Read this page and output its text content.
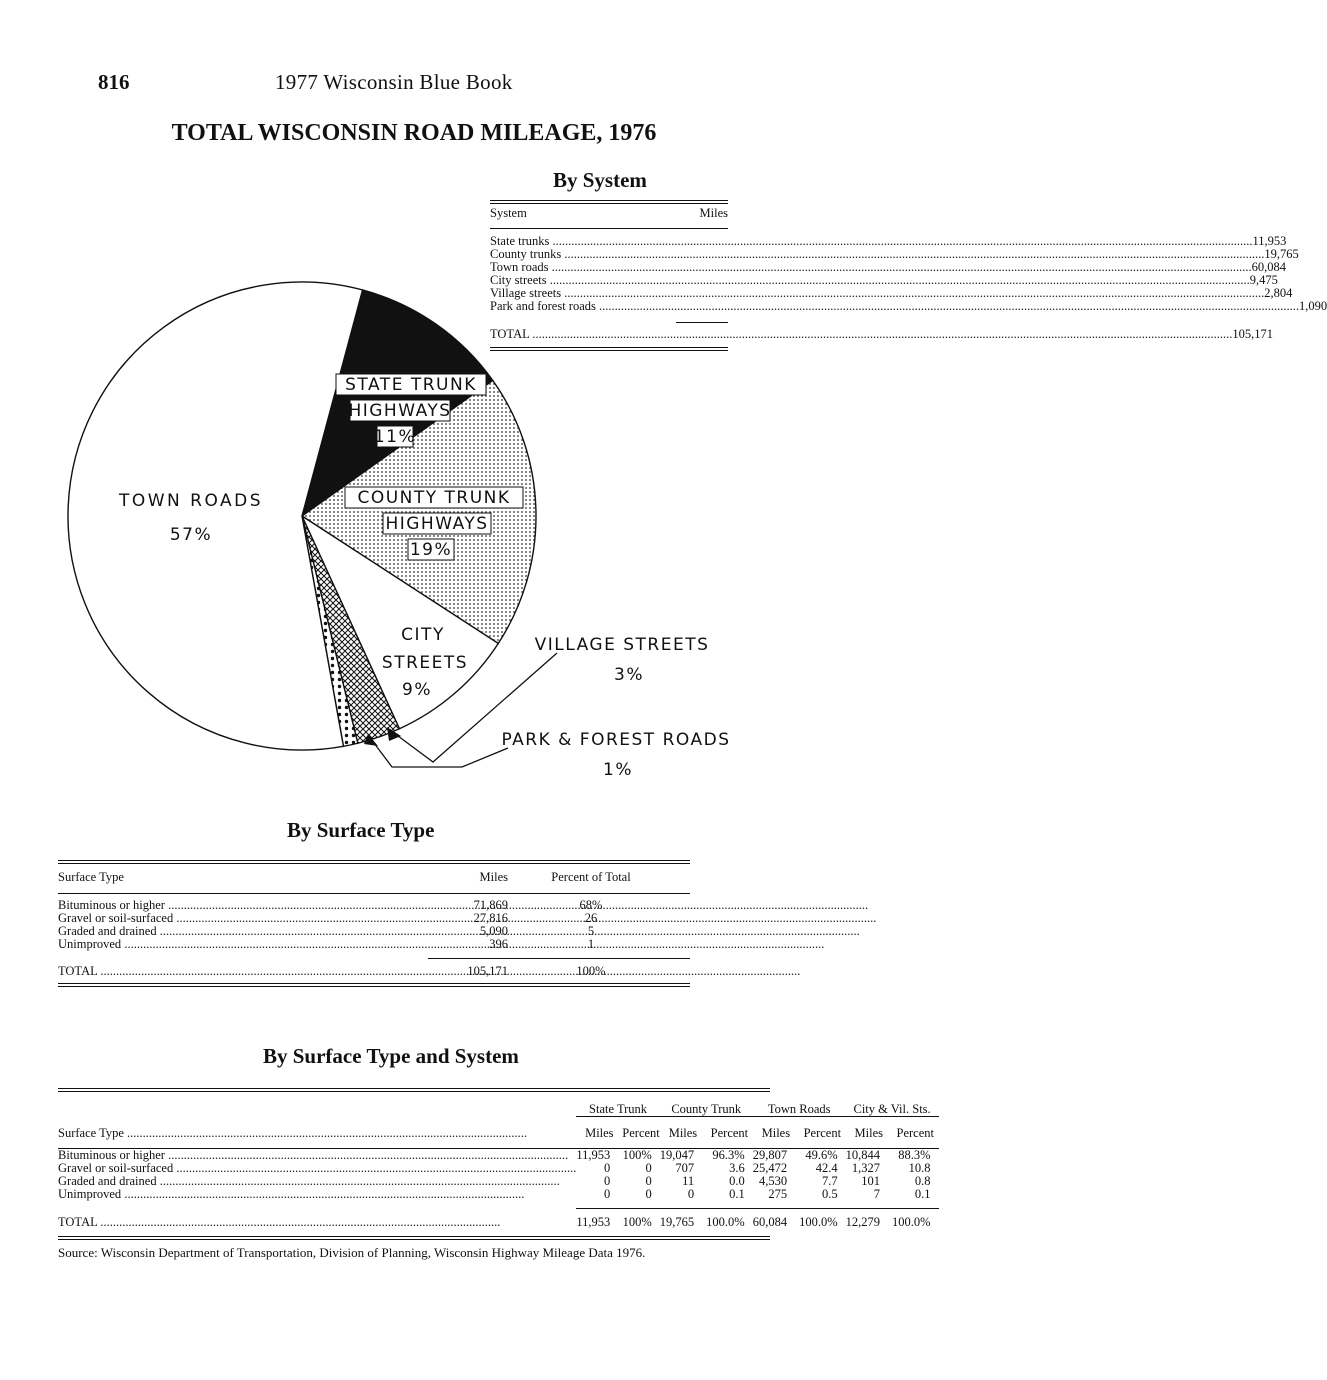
816	1977 Wisconsin Blue Book
TOTAL WISCONSIN ROAD MILEAGE, 1976
STATE TRUNK
HIGHWAYS
11%
COUNTY TRUNK
HIGHWAYS
19%
CITY
STREETS
9%
VILLAGE STREETS
3%
PARK & FOREST ROADS
1%
TOWN ROADS
57%
By System
System	Miles
State trunks .....	11,953
County trunks .....	19,765
Town roads .....	60,084
City streets .....	9,475
Village streets .....	2,804
Park and forest roads .....	1,090
TOTAL .....	105,171
By Surface Type
Surface Type	Miles	Percent of Total
Bituminous or higher .....	71,869	68%
Gravel or soil-surfaced .....	27,816	26
Graded and drained .....	5,090	5
Unimproved .....	396	1
TOTAL .....	105,171	100%
By Surface Type and System
	State Trunk		County Trunk		Town Roads		City & Vil. Sts.	

Surface Type .....	Miles	Percent	Miles	Percent	Miles	Percent	Miles	Percent

Bituminous or higher .....	11,953	100%	19,047	96.3%	29,807	49.6%	10,844	88.3%
Gravel or soil-surfaced .....	0	0	707	3.6	25,472	42.4	1,327	10.8
Graded and drained .....	0	0	11	0.0	4,530	7.7	101	0.8
Unimproved .....	0	0	0	0.1	275	0.5	7	0.1

TOTAL .....	11,953	100%	19,765	100.0%	60,084	100.0%	12,279	100.0%
Source: Wisconsin Department of Transportation, Division of Planning, Wisconsin Highway Mileage Data 1976.
